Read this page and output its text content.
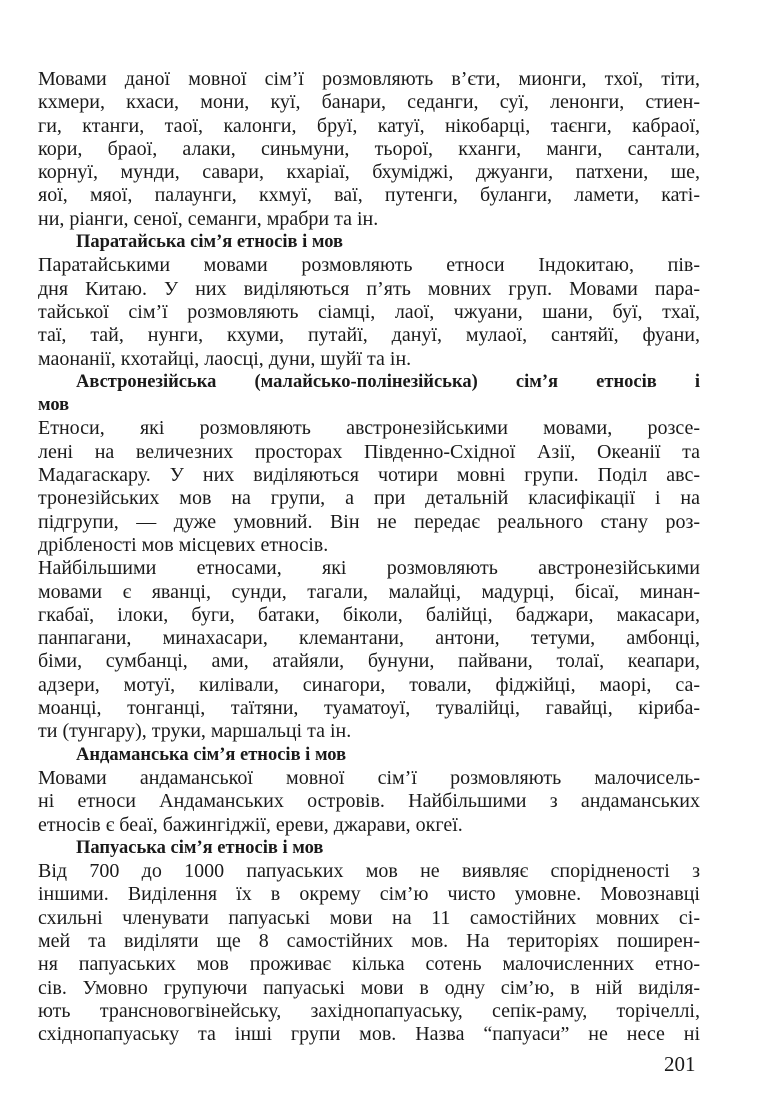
Мовами даної мовної сім’ї розмовляють в’єти, мионги, тхої, тіти,
кхмери, кхаси, мони, куї, банари, седанги, суї, ленонги, стиен-
ги, ктанги, таої, калонги, бруї, катуї, нікобарці, таєнги, кабраої,
кори, браої, алаки, синьмуни, тьорої, кханги, манги, сантали,
корнуї, мунди, савари, кхаріаї, бхуміджі, джуанги, патхени, ше,
яої, мяої, палаунги, кхмуї, ваї, путенги, буланги, ламети, каті-
ни, ріанги, сеної, семанги, мрабри та ін.
Паратайська сім’я етносів і мов
Паратайськими мовами розмовляють етноси Індокитаю, пів-
дня Китаю. У них виділяються п’ять мовних груп. Мовами пара-
тайської сім’ї розмовляють сіамці, лаої, чжуани, шани, буї, тхаї,
таї, тай, нунги, кхуми, путайї, дануї, мулаої, сантяйї, фуани,
маонанії, кхотайці, лаосці, дуни, шуйї та ін.
Австронезійська (малайсько-полінезійська) сім’я етносів і
мов
Етноси, які розмовляють австронезійськими мовами, розсе-
лені на величезних просторах Південно-Східної Азії, Океанії та
Мадагаскару. У них виділяються чотири мовні групи. Поділ авс-
тронезійських мов на групи, а при детальній класифікації і на
підгрупи, — дуже умовний. Він не передає реального стану роз-
дрібленості мов місцевих етносів.
Найбільшими етносами, які розмовляють австронезійськими
мовами є яванці, сунди, тагали, малайці, мадурці, бісаї, минан-
гкабаї, ілоки, буги, батаки, біколи, балійці, баджари, макасари,
панпагани, минахасари, клемантани, антони, тетуми, амбонці,
біми, сумбанці, ами, атайяли, бунуни, пайвани, толаї, кеапари,
адзери, мотуї, килівали, синагори, товали, фіджійці, маорі, са-
моанці, тонганці, таїтяни, туаматоуї, тувалійці, гавайці, кіриба-
ти (тунгару), труки, маршальці та ін.
Андаманська сім’я етносів і мов
Мовами андаманської мовної сім’ї розмовляють малочисель-
ні етноси Андаманських островів. Найбільшими з андаманських
етносів є беаї, бажингіджії, ереви, джарави, окгеї.
Папуаська сім’я етносів і мов
Від 700 до 1000 папуаських мов не виявляє спорідненості з
іншими. Виділення їх в окрему сім’ю чисто умовне. Мовознавці
схильні членувати папуаські мови на 11 самостійних мовних сі-
мей та виділяти ще 8 самостійних мов. На територіях поширен-
ня папуаських мов проживає кілька сотень малочисленних етно-
сів. Умовно групуючи папуаські мови в одну сім’ю, в ній виділя-
ють трансновогвінейську, західнопапуаську, сепік-раму, торічеллі,
східнопапуаську та інші групи мов. Назва “папуаси” не несе ні
201
